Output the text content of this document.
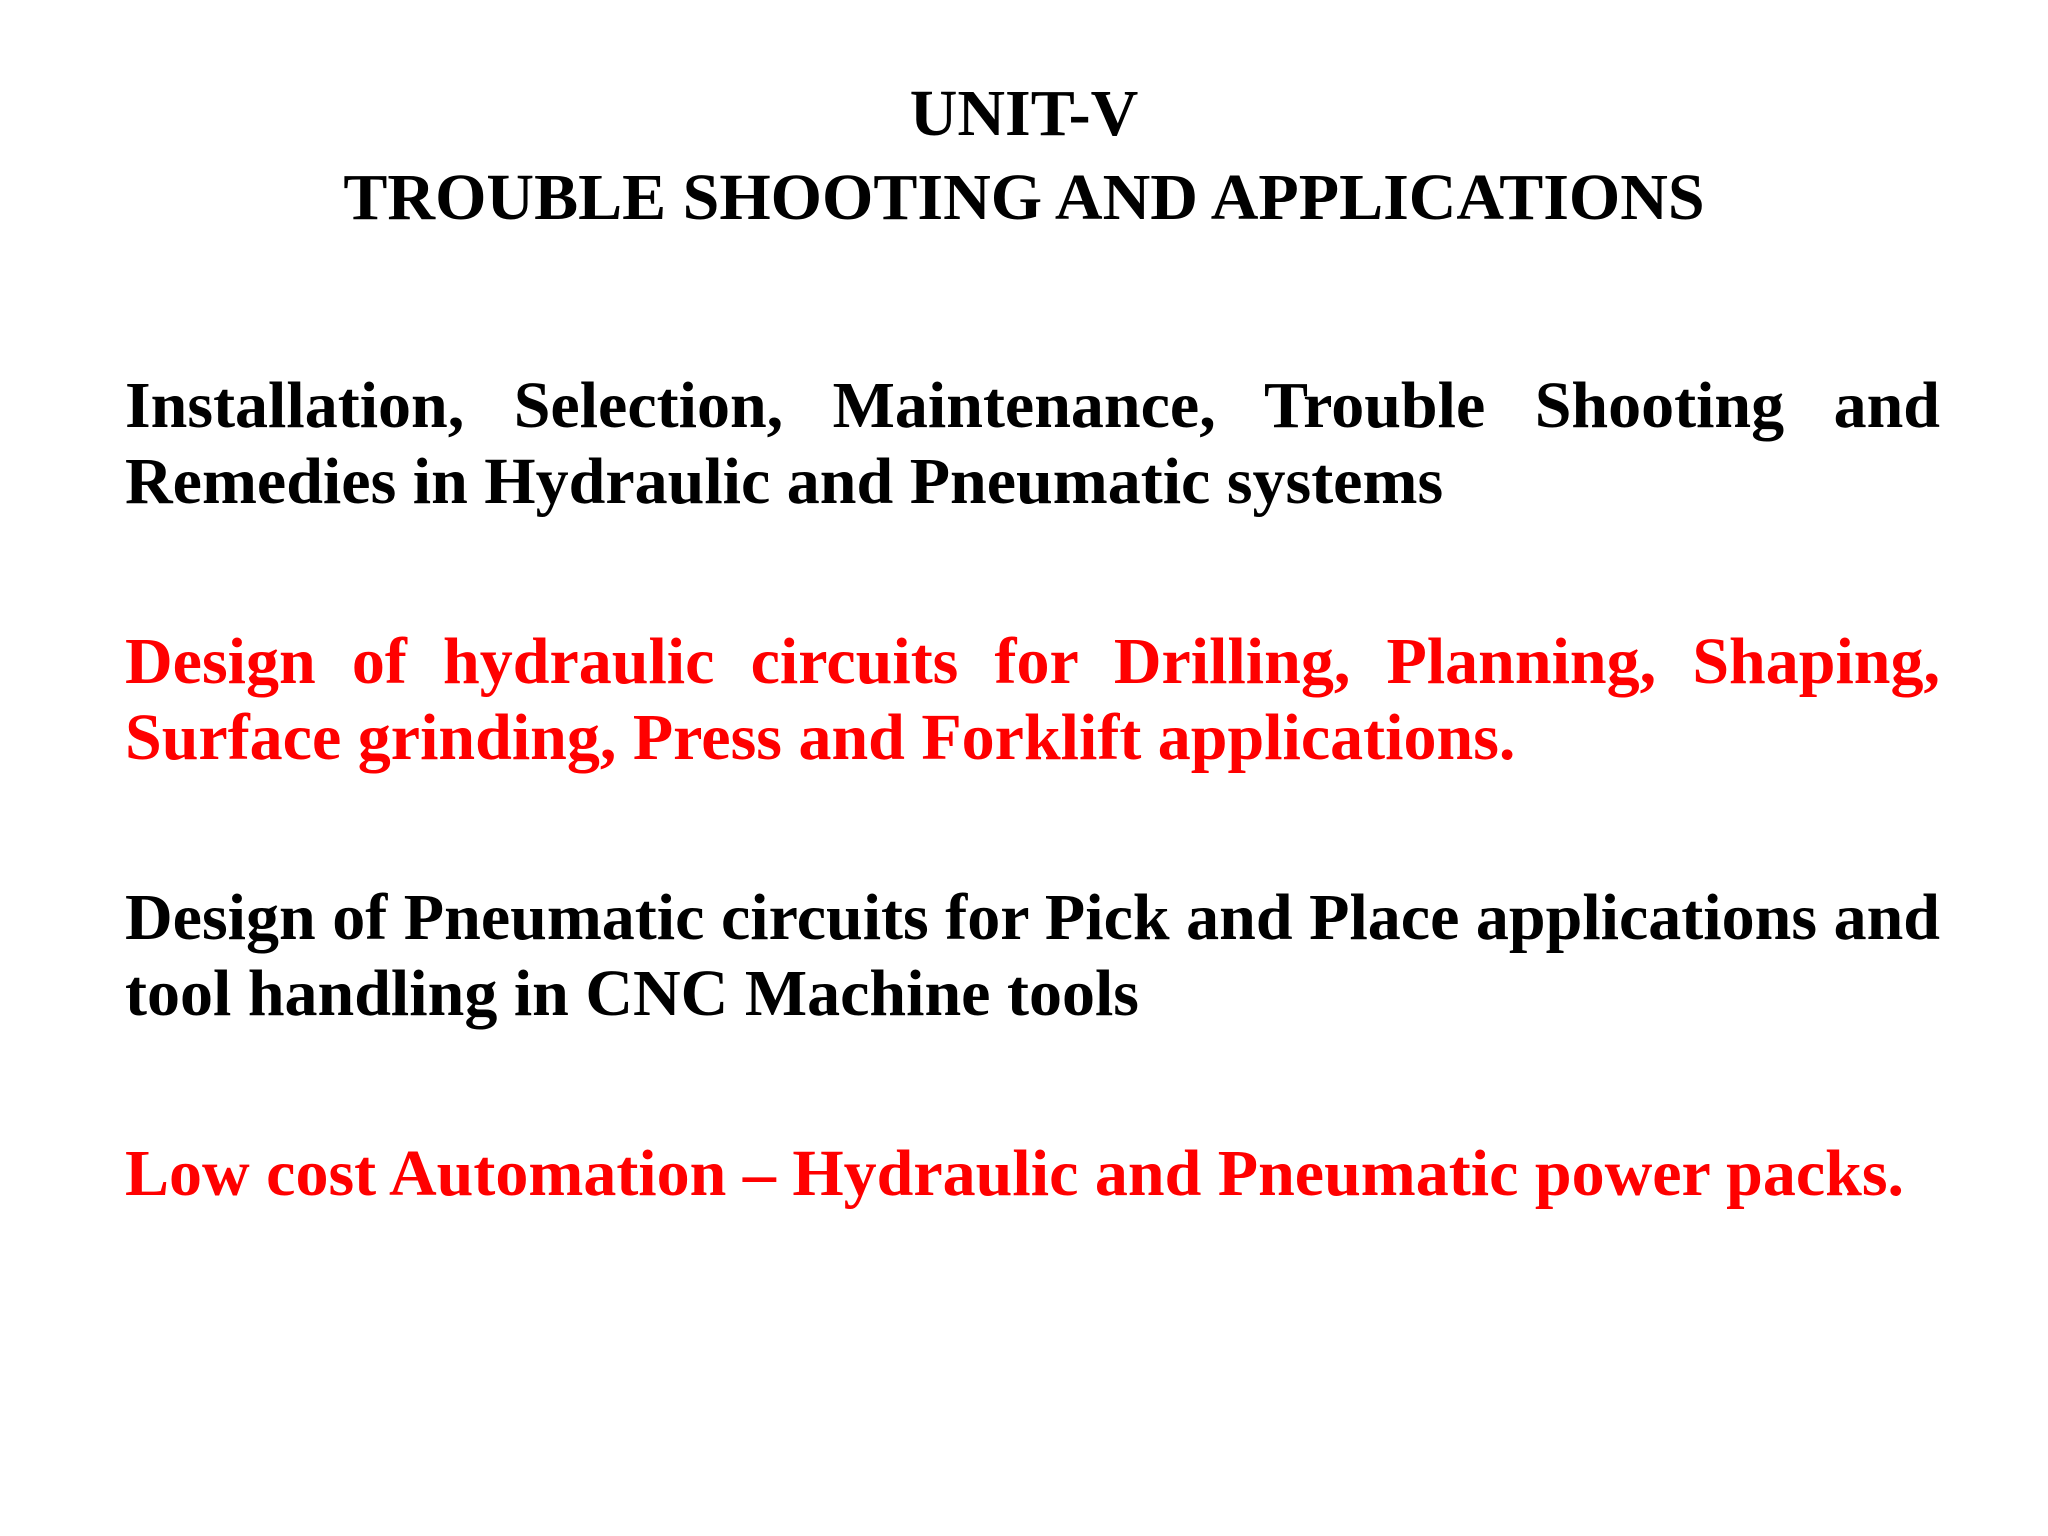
UNIT-V
TROUBLE SHOOTING AND APPLICATIONS

Installation, Selection, Maintenance, Trouble Shooting and Remedies in Hydraulic and Pneumatic systems

Design of hydraulic circuits for Drilling, Planning, Shaping, Surface grinding, Press and Forklift applications.

Design of Pneumatic circuits for Pick and Place applications and tool handling in CNC Machine tools

Low cost Automation – Hydraulic and Pneumatic power packs.
